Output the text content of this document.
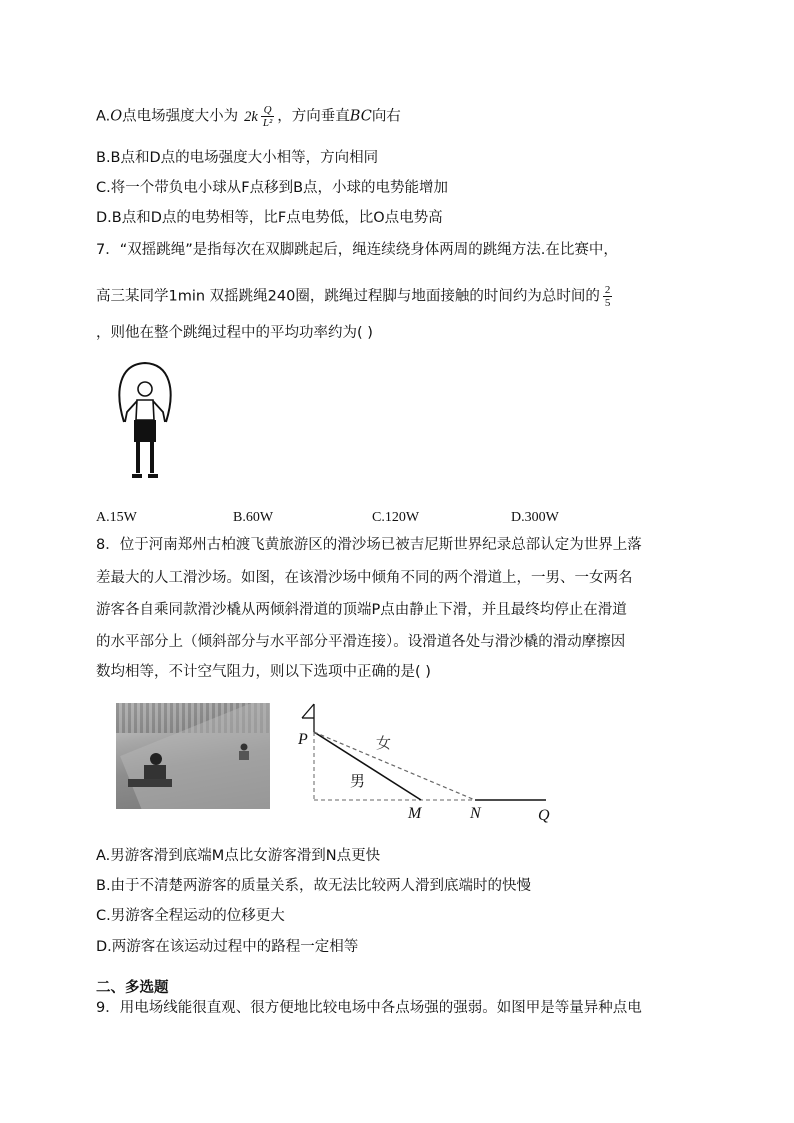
A.O点电场强度大小为 $2k \frac{Q}{\text{L²}}$ ，方向垂直BC向右
B.B点和D点的电场强度大小相等，方向相同
C.将一个带负电小球从F点移到B点，小球的电势能增加
D.B点和D点的电势相等，比F点电势低，比O点电势高
7．“双摇跳绳”是指每次在双脚跳起后，绳连续绕身体两周的跳绳方法.在比赛中，
高三某同学1min 双摇跳绳240圈，跳绳过程脚与地面接触的时间约为总时间的 $\frac{2}{5}$
，则他在整个跳绳过程中的平均功率约为( )
A.15W	B.60W	C.120W	D.300W
8．位于河南郑州古柏渡飞黄旅游区的滑沙场已被吉尼斯世界纪录总部认定为世界上落
差最大的人工滑沙场。如图，在该滑沙场中倾角不同的两个滑道上，一男、一女两名
游客各自乘同款滑沙橇从两倾斜滑道的顶端P点由静止下滑，并且最终均停止在滑道
的水平部分上（倾斜部分与水平部分平滑连接）。设滑道各处与滑沙橇的滑动摩擦因
数均相等，不计空气阻力，则以下选项中正确的是( )
P	女
男
M	N	Q
A.男游客滑到底端M点比女游客滑到N点更快
B.由于不清楚两游客的质量关系，故无法比较两人滑到底端时的快慢
C.男游客全程运动的位移更大
D.两游客在该运动过程中的路程一定相等
二、多选题
9．用电场线能很直观、很方便地比较电场中各点场强的强弱。如图甲是等量异种点电
